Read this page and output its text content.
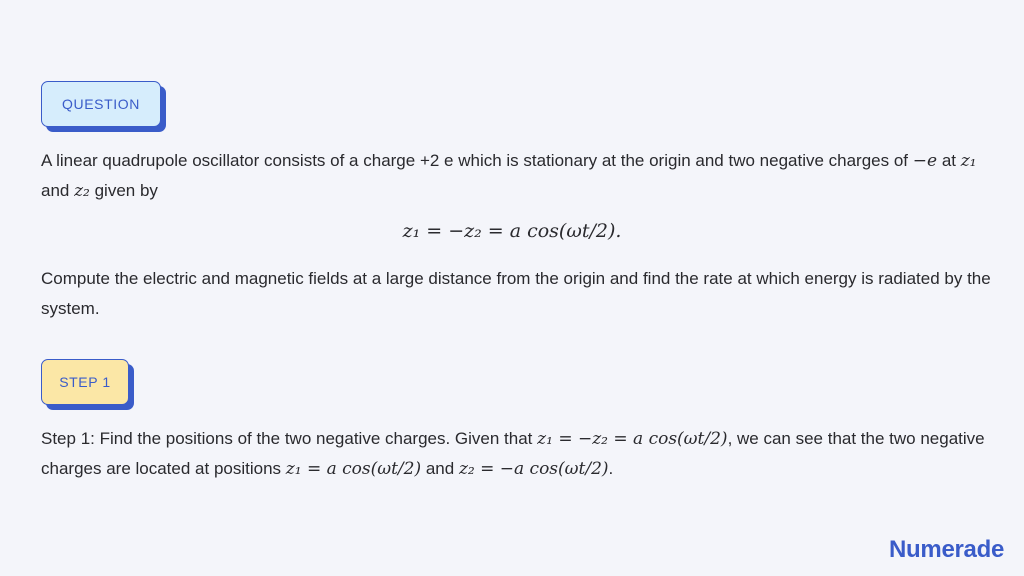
QUESTION
A linear quadrupole oscillator consists of a charge +2 e which is stationary at the origin and two negative charges of −e at z₁ and z₂ given by
z₁ = −z₂ = a cos(ωt/2).
Compute the electric and magnetic fields at a large distance from the origin and find the rate at which energy is radiated by the system.
STEP 1
Step 1: Find the positions of the two negative charges. Given that z₁ = −z₂ = a cos(ωt/2), we can see that the two negative charges are located at positions z₁ = a cos(ωt/2) and z₂ = −a cos(ωt/2).
Numerade
